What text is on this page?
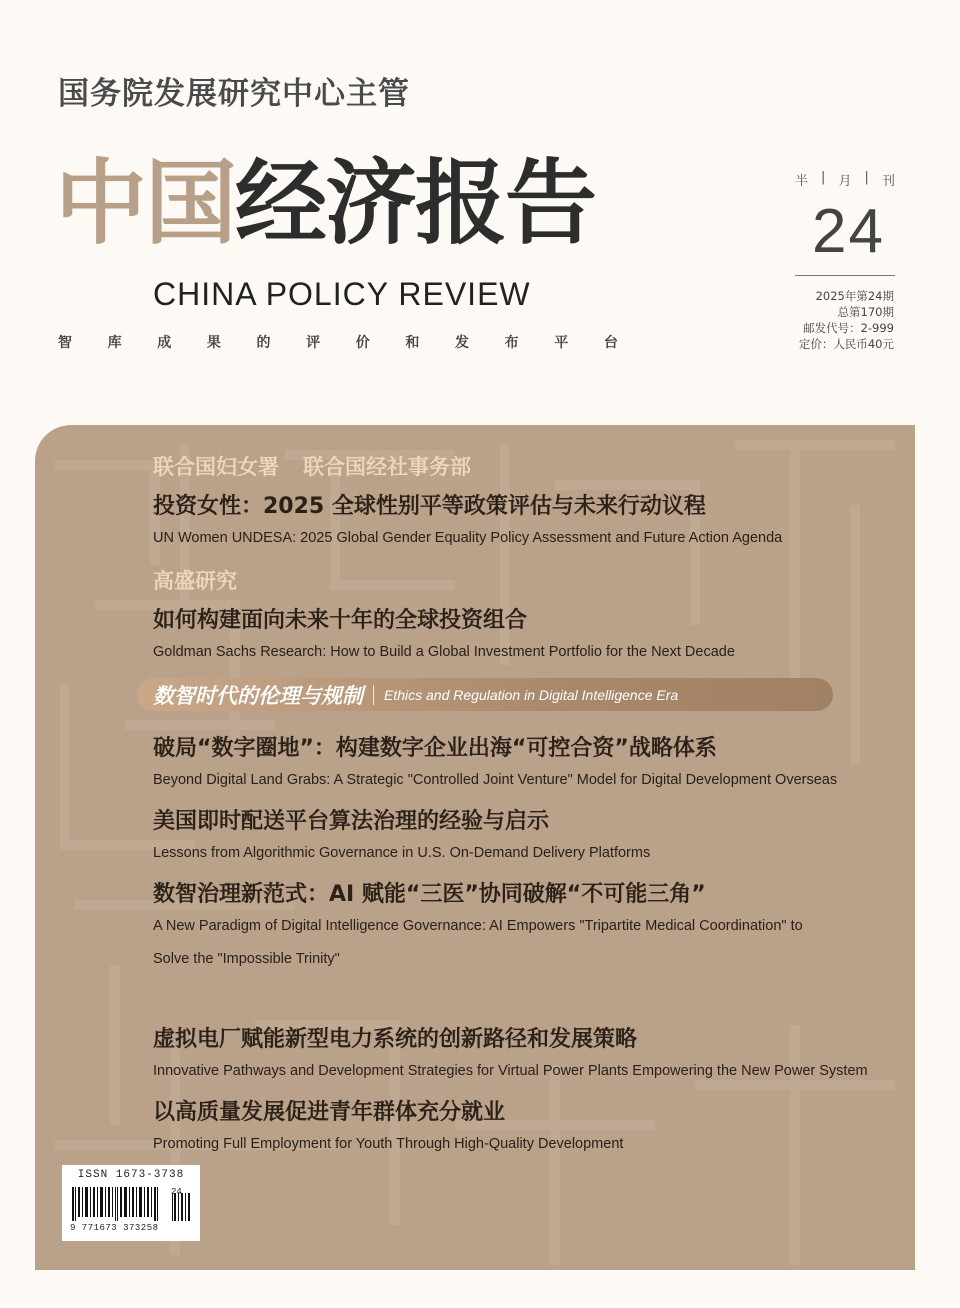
国务院发展研究中心主管
中国经济报告
CHINA POLICY REVIEW
智	库	成	果	的	评	价	和	发	布	平	台
半 | 月 | 刊
24
2025年第24期
总第170期
邮发代号：2-999
定价：人民币40元
联合国妇女署 联合国经社事务部
投资女性：2025 全球性别平等政策评估与未来行动议程
UN Women UNDESA: 2025 Global Gender Equality Policy Assessment and Future Action Agenda
高盛研究
如何构建面向未来十年的全球投资组合
Goldman Sachs Research: How to Build a Global Investment Portfolio for the Next Decade
数智时代的伦理与规制 Ethics and Regulation in Digital Intelligence Era
破局“数字圈地”：构建数字企业出海“可控合资”战略体系
Beyond Digital Land Grabs: A Strategic "Controlled Joint Venture" Model for Digital Development Overseas
美国即时配送平台算法治理的经验与启示
Lessons from Algorithmic Governance in U.S. On-Demand Delivery Platforms
数智治理新范式：AI 赋能“三医”协同破解“不可能三角”
A New Paradigm of Digital Intelligence Governance: AI Empowers "Tripartite Medical Coordination" to
Solve the "Impossible Trinity"
虚拟电厂赋能新型电力系统的创新路径和发展策略
Innovative Pathways and Development Strategies for Virtual Power Plants Empowering the New Power System
以高质量发展促进青年群体充分就业
Promoting Full Employment for Youth Through High-Quality Development
ISSN 1673-3738
9 771673 373258
24
